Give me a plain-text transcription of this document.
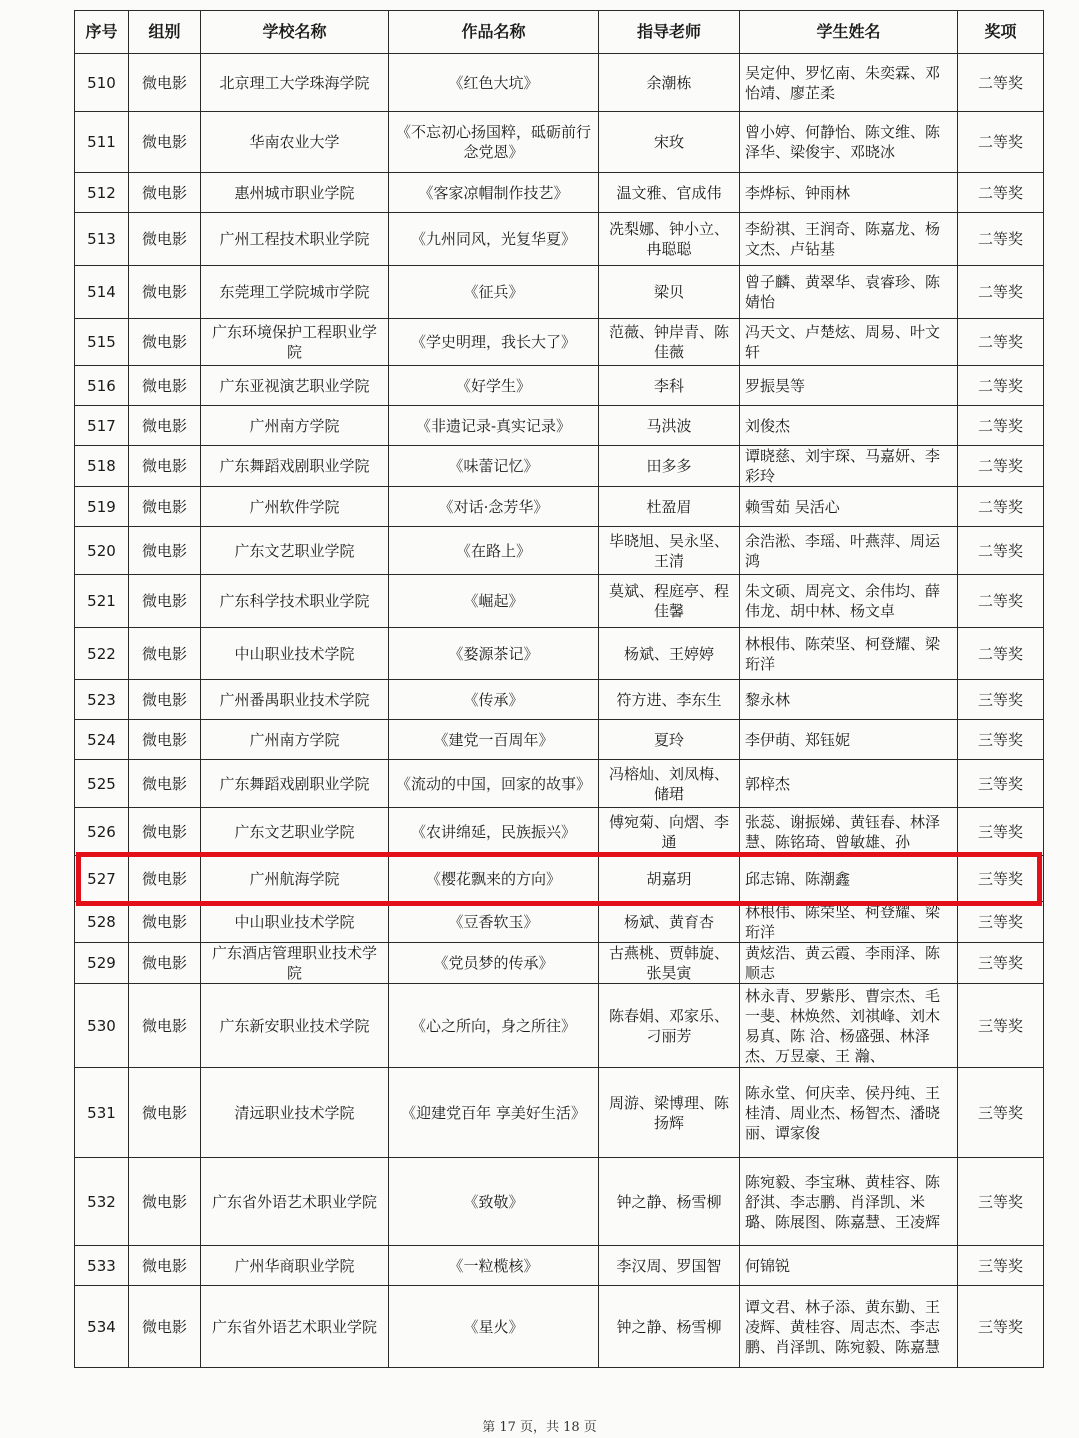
序号	组别	学校名称	作品名称	指导老师	学生姓名	奖项
510	微电影	北京理工大学珠海学院	《红色大坑》	余潮栋	吴定仲、罗忆南、朱奕霖、邓怡靖、廖芷柔	二等奖
511	微电影	华南农业大学	《不忘初心扬国粹，砥砺前行念党恩》	宋玫	曾小婷、何静怡、陈文维、陈泽华、梁俊宇、邓晓冰	二等奖
512	微电影	惠州城市职业学院	《客家凉帽制作技艺》	温文雅、官成伟	李烨标、钟雨林	二等奖
513	微电影	广州工程技术职业学院	《九州同风，光复华夏》	冼梨娜、钟小立、冉聪聪	李紛祺、王润奇、陈嘉龙、杨文杰、卢钻基	二等奖
514	微电影	东莞理工学院城市学院	《征兵》	梁贝	曾子麟、黄翠华、袁睿珍、陈婧怡	二等奖
515	微电影	广东环境保护工程职业学院	《学史明理，我长大了》	范薇、钟岸青、陈佳薇	冯天文、卢楚炫、周易、叶文轩	二等奖
516	微电影	广东亚视演艺职业学院	《好学生》	李科	罗振昊等	二等奖
517	微电影	广州南方学院	《非遗记录-真实记录》	马洪波	刘俊杰	二等奖
518	微电影	广东舞蹈戏剧职业学院	《味蕾记忆》	田多多	谭晓慈、刘宇琛、马嘉妍、李彩玲	二等奖
519	微电影	广州软件学院	《对话·念芳华》	杜盈眉	赖雪茹 吴活心	二等奖
520	微电影	广东文艺职业学院	《在路上》	毕晓旭、吴永坚、王清	余浩淞、李瑶、叶燕萍、周运鸿	二等奖
521	微电影	广东科学技术职业学院	《崛起》	莫斌、程庭亭、程佳馨	朱文硕、周亮文、余伟均、薛伟龙、胡中林、杨文卓	二等奖
522	微电影	中山职业技术学院	《婺源茶记》	杨斌、王婷婷	林根伟、陈荣坚、柯登耀、梁珩洋	二等奖
523	微电影	广州番禺职业技术学院	《传承》	符方进、李东生	黎永林	三等奖
524	微电影	广州南方学院	《建党一百周年》	夏玲	李伊萌、郑钰妮	三等奖
525	微电影	广东舞蹈戏剧职业学院	《流动的中国，回家的故事》	冯榕灿、刘凤梅、储珺	郭梓杰	三等奖
526	微电影	广东文艺职业学院	《农讲绵延，民族振兴》	傅宛菊、向熠、李通	张蕊、谢振娣、黄钰春、林泽慧、陈铭琦、曾敏雄、孙	三等奖
527	微电影	广州航海学院	《樱花飘来的方向》	胡嘉玥	邱志锦、陈潮鑫	三等奖
528	微电影	中山职业技术学院	《豆香软玉》	杨斌、黄育杏	林根伟、陈荣坚、柯登耀、梁珩洋	三等奖
529	微电影	广东酒店管理职业技术学院	《党员梦的传承》	古燕桃、贾韩旋、张昊寅	黄炫浩、黄云霞、李雨泽、陈顺志	三等奖
530	微电影	广东新安职业技术学院	《心之所向，身之所往》	陈春娟、邓家乐、刁丽芳	林永青、罗紫彤、曹宗杰、毛一斐、林焕然、刘祺峰、刘木易真、陈 洽、杨盛强、林泽杰、万昱豪、王 瀚、	三等奖
531	微电影	清远职业技术学院	《迎建党百年 享美好生活》	周游、梁博理、陈扬辉	陈永堂、何庆幸、侯丹纯、王桂清、周业杰、杨智杰、潘晓丽、谭家俊	三等奖
532	微电影	广东省外语艺术职业学院	《致敬》	钟之静、杨雪柳	陈宛毅、李宝琳、黄桂容、陈舒淇、李志鹏、肖泽凯、米 璐、陈展图、陈嘉慧、王凌辉	三等奖
533	微电影	广州华商职业学院	《一粒榄核》	李汉周、罗国智	何锦锐	三等奖
534	微电影	广东省外语艺术职业学院	《星火》	钟之静、杨雪柳	谭文君、林子添、黄东勤、王凌辉、黄桂容、周志杰、李志鹏、肖泽凯、陈宛毅、陈嘉慧	三等奖
第 17 页，共 18 页
